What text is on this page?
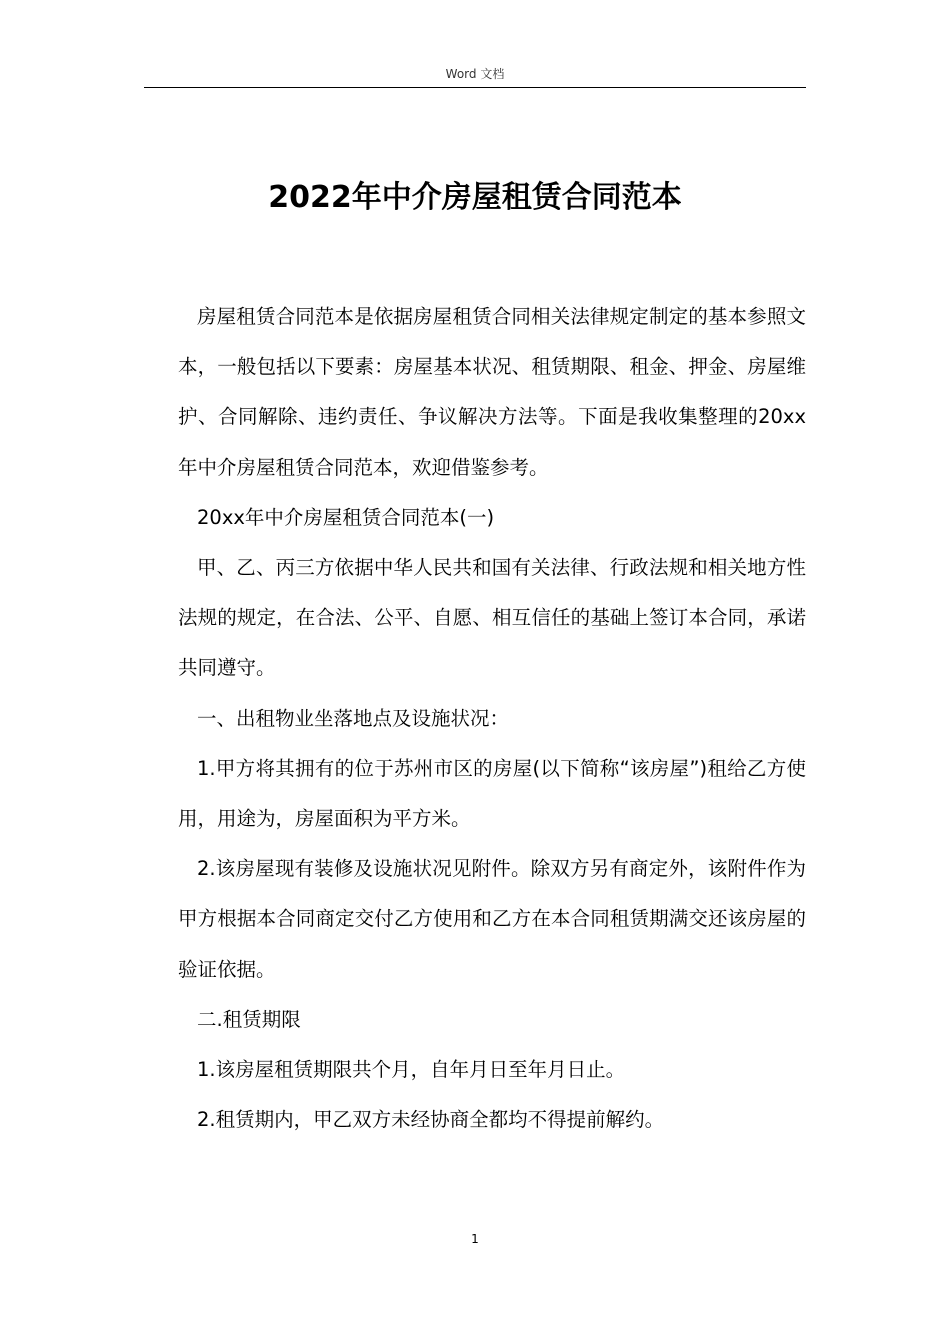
Word 文档
2022年中介房屋租赁合同范本

房屋租赁合同范本是依据房屋租赁合同相关法律规定制定的基本参照文本，一般包括以下要素：房屋基本状况、租赁期限、租金、押金、房屋维护、合同解除、违约责任、争议解决方法等。下面是我收集整理的20xx年中介房屋租赁合同范本，欢迎借鉴参考。

20xx年中介房屋租赁合同范本(一)

甲、乙、丙三方依据中华人民共和国有关法律、行政法规和相关地方性法规的规定，在合法、公平、自愿、相互信任的基础上签订本合同，承诺共同遵守。

一、出租物业坐落地点及设施状况：

1.甲方将其拥有的位于苏州市区的房屋(以下简称“该房屋”)租给乙方使用，用途为，房屋面积为平方米。

2.该房屋现有装修及设施状况见附件。除双方另有商定外，该附件作为甲方根据本合同商定交付乙方使用和乙方在本合同租赁期满交还该房屋的验证依据。

二.租赁期限

1.该房屋租赁期限共个月，自年月日至年月日止。

2.租赁期内，甲乙双方未经协商全都均不得提前解约。

1
